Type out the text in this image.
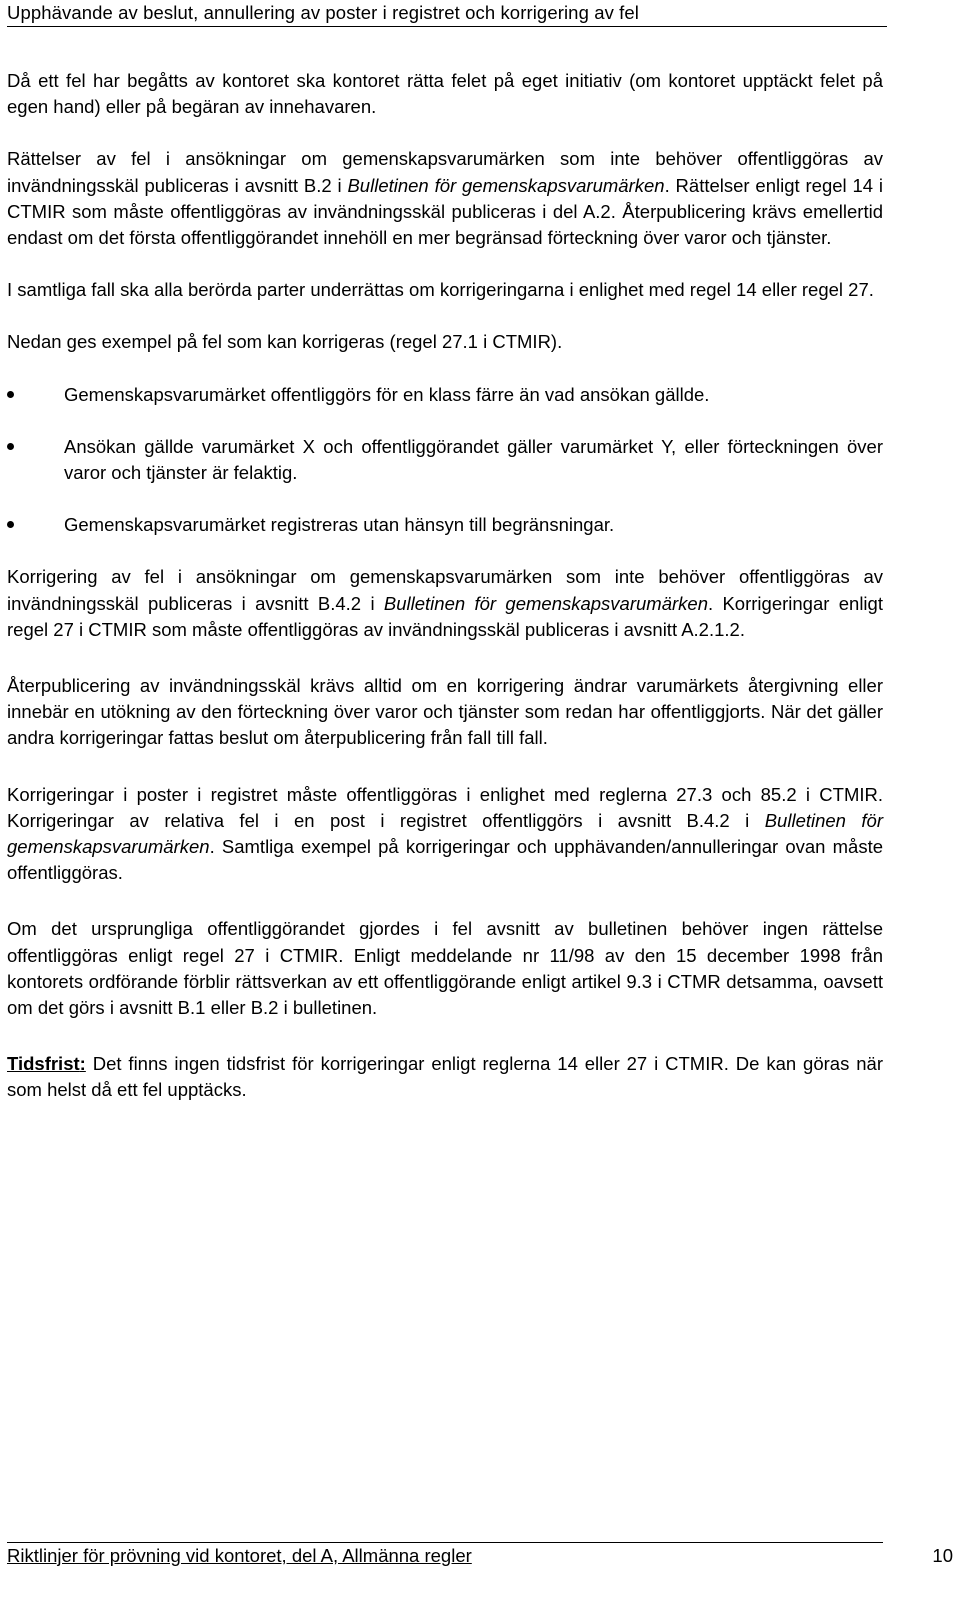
Upphävande av beslut, annullering av poster i registret och korrigering av fel

Då ett fel har begåtts av kontoret ska kontoret rätta felet på eget initiativ (om kontoret upptäckt felet på egen hand) eller på begäran av innehavaren.

Rättelser av fel i ansökningar om gemenskapsvarumärken som inte behöver offentliggöras av invändningsskäl publiceras i avsnitt B.2 i Bulletinen för gemenskapsvarumärken. Rättelser enligt regel 14 i CTMIR som måste offentliggöras av invändningsskäl publiceras i del A.2. Återpublicering krävs emellertid endast om det första offentliggörandet innehöll en mer begränsad förteckning över varor och tjänster.

I samtliga fall ska alla berörda parter underrättas om korrigeringarna i enlighet med regel 14 eller regel 27.

Nedan ges exempel på fel som kan korrigeras (regel 27.1 i CTMIR).

Gemenskapsvarumärket offentliggörs för en klass färre än vad ansökan gällde.
Ansökan gällde varumärket X och offentliggörandet gäller varumärket Y, eller förteckningen över varor och tjänster är felaktig.
Gemenskapsvarumärket registreras utan hänsyn till begränsningar.

Korrigering av fel i ansökningar om gemenskapsvarumärken som inte behöver offentliggöras av invändningsskäl publiceras i avsnitt B.4.2 i Bulletinen för gemenskapsvarumärken. Korrigeringar enligt regel 27 i CTMIR som måste offentliggöras av invändningsskäl publiceras i avsnitt A.2.1.2.

Återpublicering av invändningsskäl krävs alltid om en korrigering ändrar varumärkets återgivning eller innebär en utökning av den förteckning över varor och tjänster som redan har offentliggjorts. När det gäller andra korrigeringar fattas beslut om återpublicering från fall till fall.

Korrigeringar i poster i registret måste offentliggöras i enlighet med reglerna 27.3 och 85.2 i CTMIR. Korrigeringar av relativa fel i en post i registret offentliggörs i avsnitt B.4.2 i Bulletinen för gemenskapsvarumärken. Samtliga exempel på korrigeringar och upphävanden/annulleringar ovan måste offentliggöras.

Om det ursprungliga offentliggörandet gjordes i fel avsnitt av bulletinen behöver ingen rättelse offentliggöras enligt regel 27 i CTMIR. Enligt meddelande nr 11/98 av den 15 december 1998 från kontorets ordförande förblir rättsverkan av ett offentliggörande enligt artikel 9.3 i CTMR detsamma, oavsett om det görs i avsnitt B.1 eller B.2 i bulletinen.

Tidsfrist: Det finns ingen tidsfrist för korrigeringar enligt reglerna 14 eller 27 i CTMIR. De kan göras när som helst då ett fel upptäcks.

Riktlinjer för prövning vid kontoret, del A, Allmänna regler	10
